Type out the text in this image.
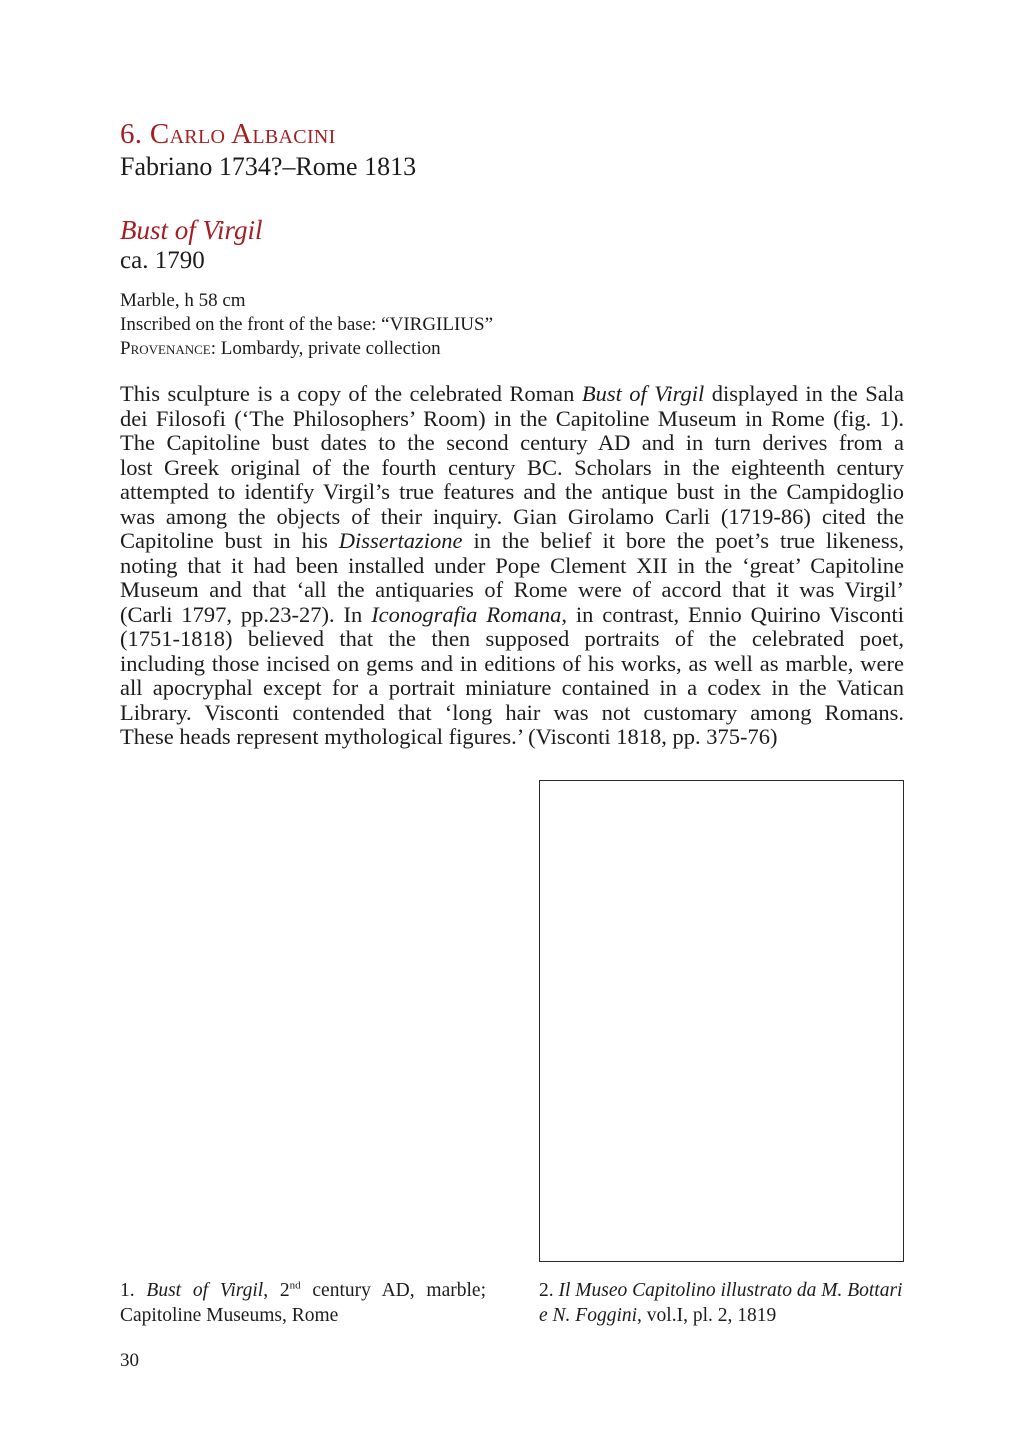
6. Carlo Albacini
Fabriano 1734?–Rome 1813
Bust of Virgil
ca. 1790
Marble, h 58 cm
Inscribed on the front of the base: “VIRGILIUS”
Provenance: Lombardy, private collection
This sculpture is a copy of the celebrated Roman Bust of Virgil displayed in the Sala
dei Filosofi (‘The Philosophers’ Room) in the Capitoline Museum in Rome (fig. 1).
The Capitoline bust dates to the second century AD and in turn derives from a
lost Greek original of the fourth century BC. Scholars in the eighteenth century
attempted to identify Virgil’s true features and the antique bust in the Campidoglio
was among the objects of their inquiry. Gian Girolamo Carli (1719-86) cited the
Capitoline bust in his Dissertazione in the belief it bore the poet’s true likeness,
noting that it had been installed under Pope Clement XII in the ‘great’ Capitoline
Museum and that ‘all the antiquaries of Rome were of accord that it was Virgil’
(Carli 1797, pp.23-27). In Iconografia Romana, in contrast, Ennio Quirino Visconti
(1751-1818) believed that the then supposed portraits of the celebrated poet,
including those incised on gems and in editions of his works, as well as marble, were
all apocryphal except for a portrait miniature contained in a codex in the Vatican
Library. Visconti contended that ‘long hair was not customary among Romans.
These heads represent mythological figures.’ (Visconti 1818, pp. 375-76)
1. Bust of Virgil, 2nd century AD, marble;
Capitoline Museums, Rome
2. Il Museo Capitolino illustrato da M. Bottari
e N. Foggini, vol.I, pl. 2, 1819
30
